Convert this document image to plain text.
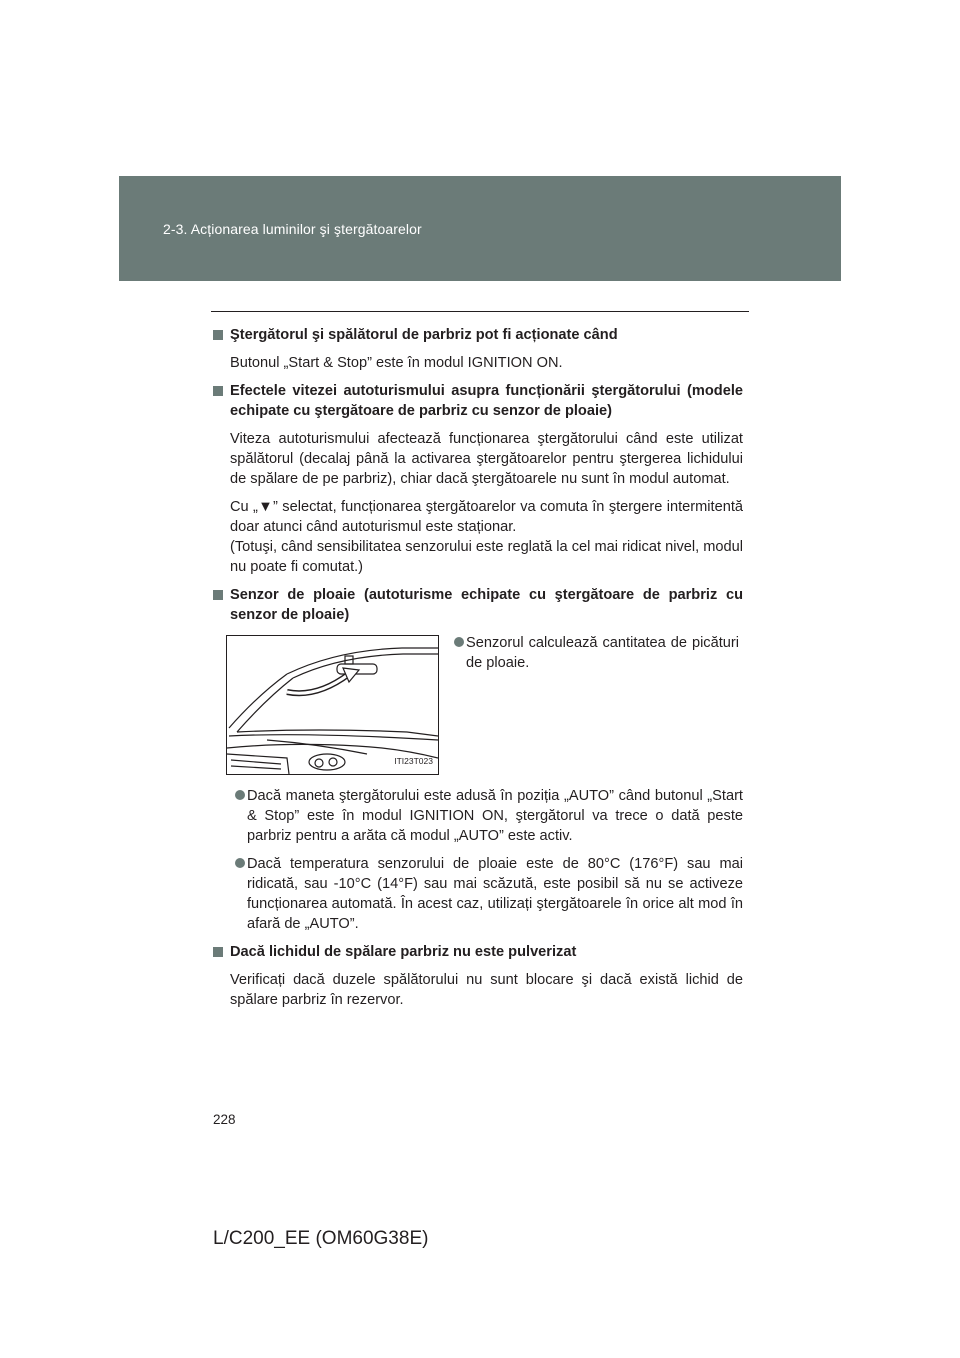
2-3. Acționarea luminilor şi ştergătoarelor
Ştergătorul şi spălătorul de parbriz pot fi acționate când
Butonul „Start & Stop” este în modul IGNITION ON.
Efectele vitezei autoturismului asupra funcționării ştergătorului (modele echipate cu ştergătoare de parbriz cu senzor de ploaie)
Viteza autoturismului afectează funcționarea ştergătorului când este utilizat spălătorul (decalaj până la activarea ştergătoarelor pentru ştergerea lichidului de spălare de pe parbriz), chiar dacă ştergătoarele nu sunt în modul automat.
Cu „▼” selectat, funcționarea ştergătoarelor va comuta în ştergere intermitentă doar atunci când autoturismul este staționar.
(Totuşi, când sensibilitatea senzorului este reglată la cel mai ridicat nivel, modul nu poate fi comutat.)
Senzor de ploaie (autoturisme echipate cu ştergătoare de parbriz cu senzor de ploaie)
ITI23T023
Senzorul calculează cantitatea de picături de ploaie.
Dacă maneta ştergătorului este adusă în poziția „AUTO” când butonul „Start & Stop” este în modul IGNITION ON, ştergătorul va trece o dată peste parbriz pentru a arăta că modul „AUTO” este activ.
Dacă temperatura senzorului de ploaie este de 80°C (176°F) sau mai ridicată, sau -10°C (14°F) sau mai scăzută, este posibil să nu se activeze funcționarea automată. În acest caz, utilizați ştergătoarele în orice alt mod în afară de „AUTO”.
Dacă lichidul de spălare parbriz nu este pulverizat
Verificați dacă duzele spălătorului nu sunt blocare şi dacă există lichid de spălare parbriz în rezervor.
228
L/C200_EE (OM60G38E)
